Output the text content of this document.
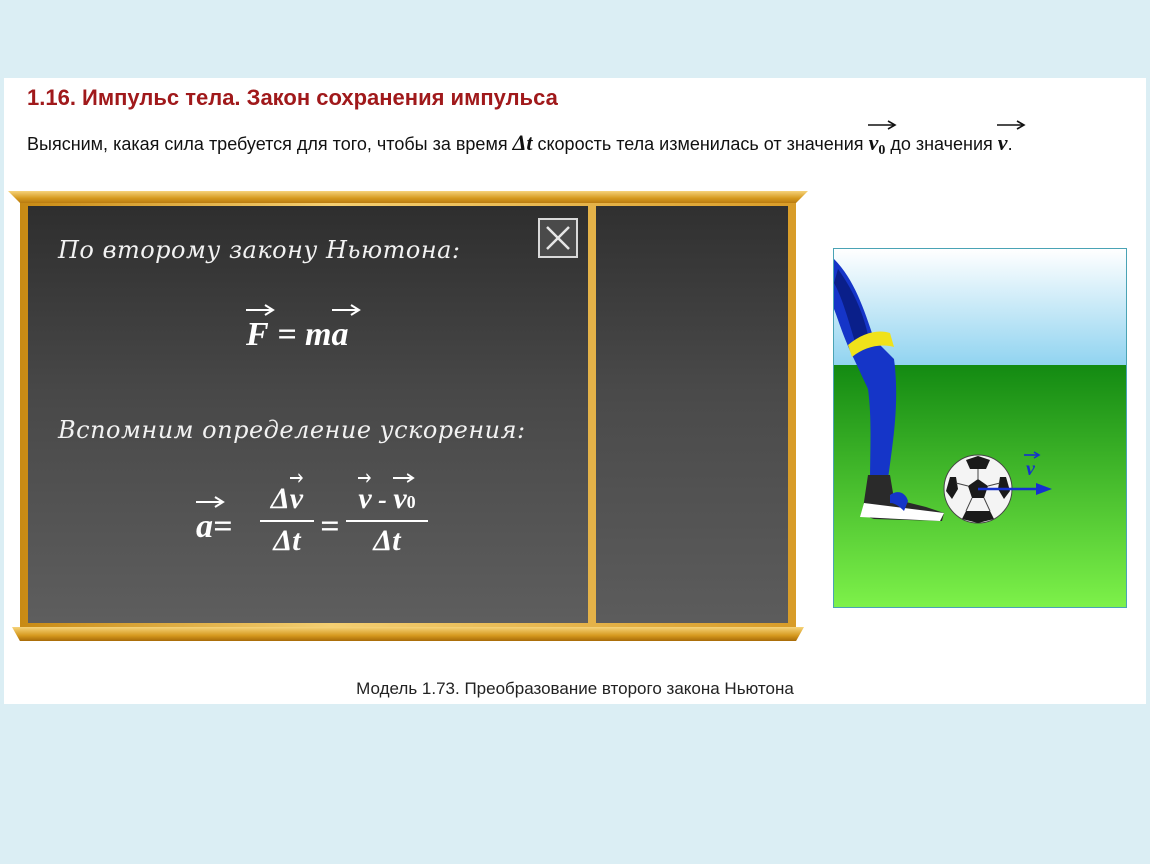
1.16. Импульс тела. Закон сохранения импульса
Выясним, какая сила требуется для того, чтобы за время Δt скорость тела изменилась от значения
$v_0$ до значения
v.
По второму закону Ньютона:
F = m
a
Вспомним определение ускорения:
a=
Δ
v
Δt =
v -
v0
Δt
Модель 1.73. Преобразование второго закона Ньютона
v
